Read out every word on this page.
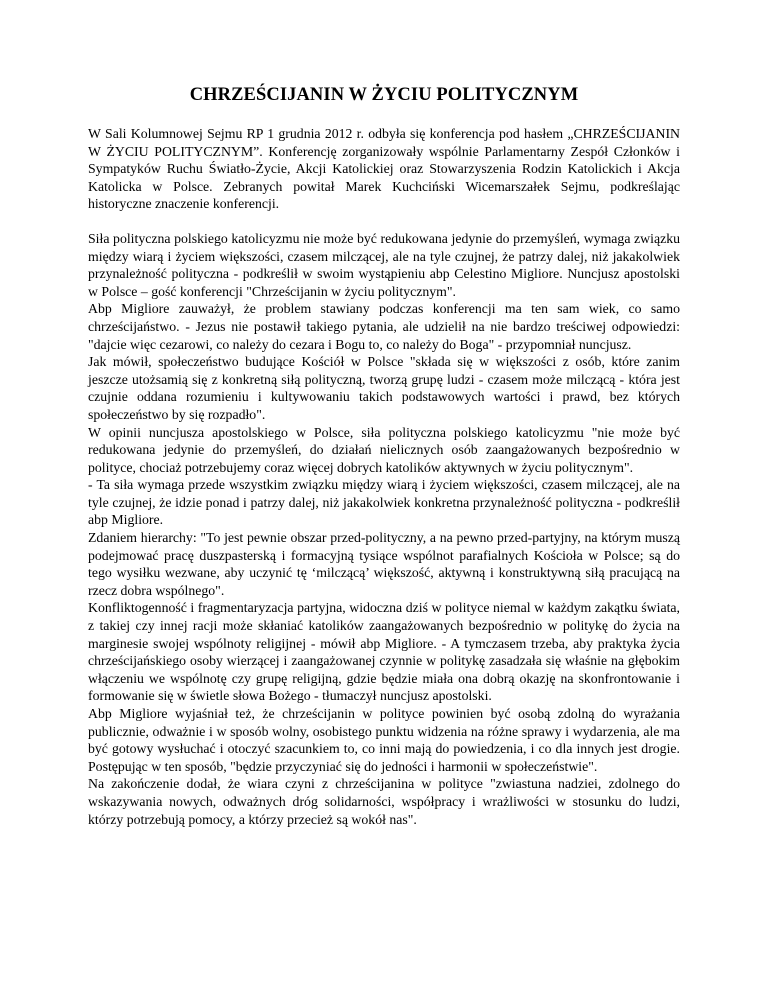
CHRZEŚCIJANIN W ŻYCIU POLITYCZNYM

W Sali Kolumnowej Sejmu RP 1 grudnia 2012 r. odbyła się konferencja pod hasłem „CHRZEŚCIJANIN W ŻYCIU POLITYCZNYM”. Konferencję zorganizowały wspólnie Parlamentarny Zespół Członków i Sympatyków Ruchu Światło-Życie, Akcji Katolickiej oraz Stowarzyszenia Rodzin Katolickich i Akcja Katolicka w Polsce. Zebranych powitał Marek Kuchciński Wicemarszałek Sejmu, podkreślając historyczne znaczenie konferencji.

Siła polityczna polskiego katolicyzmu nie może być redukowana jedynie do przemyśleń, wymaga związku między wiarą i życiem większości, czasem milczącej, ale na tyle czujnej, że patrzy dalej, niż jakakolwiek przynależność polityczna - podkreślił w swoim wystąpieniu abp Celestino Migliore. Nuncjusz apostolski w Polsce – gość konferencji "Chrześcijanin w życiu politycznym".

Abp Migliore zauważył, że problem stawiany podczas konferencji ma ten sam wiek, co samo chrześcijaństwo. - Jezus nie postawił takiego pytania, ale udzielił na nie bardzo treściwej odpowiedzi: "dajcie więc cezarowi, co należy do cezara i Bogu to, co należy do Boga" - przypomniał nuncjusz.

Jak mówił, społeczeństwo budujące Kościół w Polsce "składa się w większości z osób, które zanim jeszcze utożsamią się z konkretną siłą polityczną, tworzą grupę ludzi - czasem może milczącą - która jest czujnie oddana rozumieniu i kultywowaniu takich podstawowych wartości i prawd, bez których społeczeństwo by się rozpadło".

W opinii nuncjusza apostolskiego w Polsce, siła polityczna polskiego katolicyzmu "nie może być redukowana jedynie do przemyśleń, do działań nielicznych osób zaangażowanych bezpośrednio w polityce, chociaż potrzebujemy coraz więcej dobrych katolików aktywnych w życiu politycznym".

- Ta siła wymaga przede wszystkim związku między wiarą i życiem większości, czasem milczącej, ale na tyle czujnej, że idzie ponad i patrzy dalej, niż jakakolwiek konkretna przynależność polityczna - podkreślił abp Migliore.

Zdaniem hierarchy: "To jest pewnie obszar przed-polityczny, a na pewno przed-partyjny, na którym muszą podejmować pracę duszpasterską i formacyjną tysiące wspólnot parafialnych Kościoła w Polsce; są do tego wysiłku wezwane, aby uczynić tę ‘milczącą’ większość, aktywną i konstruktywną siłą pracującą na rzecz dobra wspólnego".

Konfliktogenność i fragmentaryzacja partyjna, widoczna dziś w polityce niemal w każdym zakątku świata, z takiej czy innej racji może skłaniać katolików zaangażowanych bezpośrednio w politykę do życia na marginesie swojej wspólnoty religijnej - mówił abp Migliore. - A tymczasem trzeba, aby praktyka życia chrześcijańskiego osoby wierzącej i zaangażowanej czynnie w politykę zasadzała się właśnie na głębokim włączeniu we wspólnotę czy grupę religijną, gdzie będzie miała ona dobrą okazję na skonfrontowanie i formowanie się w świetle słowa Bożego - tłumaczył nuncjusz apostolski.

Abp Migliore wyjaśniał też, że chrześcijanin w polityce powinien być osobą zdolną do wyrażania publicznie, odważnie i w sposób wolny, osobistego punktu widzenia na różne sprawy i wydarzenia, ale ma być gotowy wysłuchać i otoczyć szacunkiem to, co inni mają do powiedzenia, i co dla innych jest drogie. Postępując w ten sposób, "będzie przyczyniać się do jedności i harmonii w społeczeństwie".

Na zakończenie dodał, że wiara czyni z chrześcijanina w polityce "zwiastuna nadziei, zdolnego do wskazywania nowych, odważnych dróg solidarności, współpracy i wrażliwości w stosunku do ludzi, którzy potrzebują pomocy, a którzy przecież są wokół nas".
